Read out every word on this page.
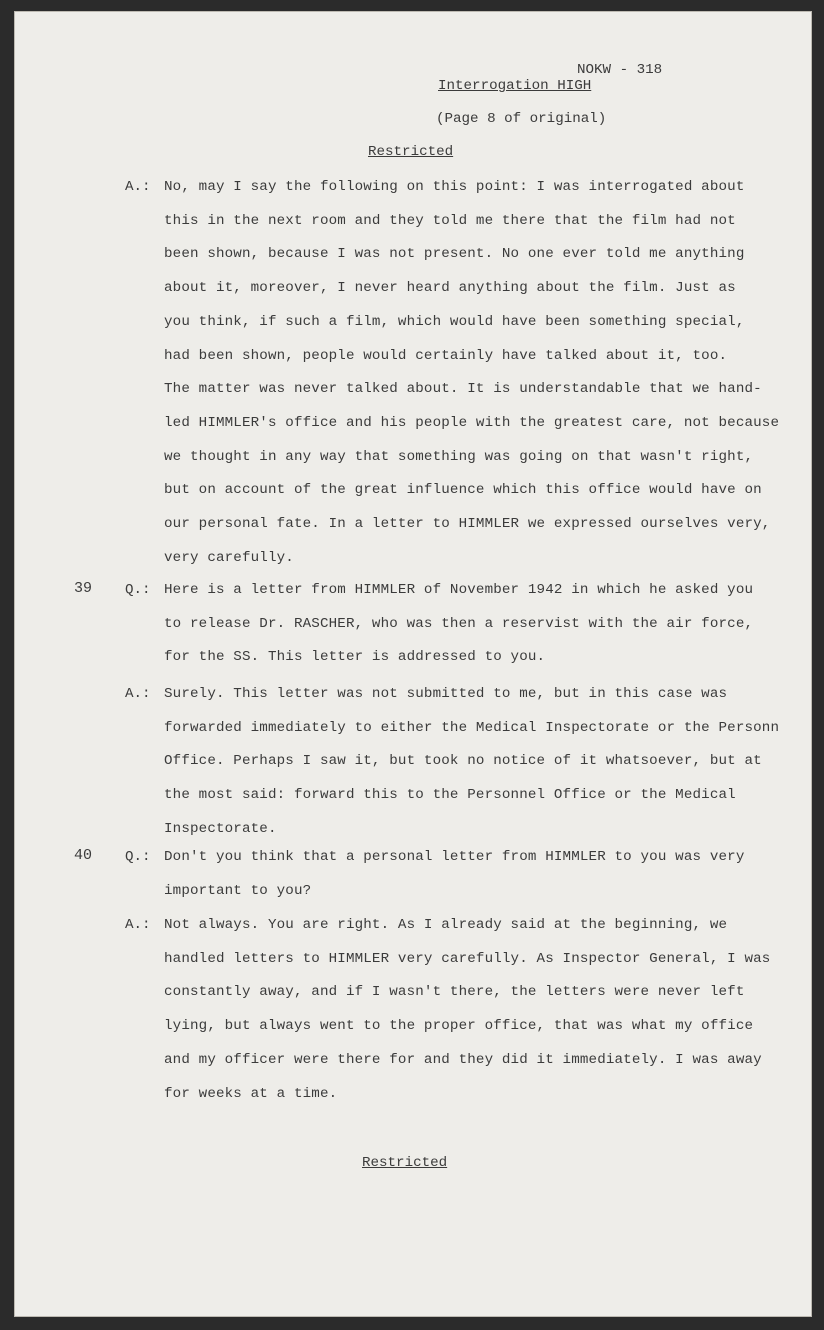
NOKW - 318
Interrogation HIGH
(Page 8 of original)
Restricted
A.: No, may I say the following on this point: I was interrogated about
this in the next room and they told me there that the film had not
been shown, because I was not present. No one ever told me anything
about it, moreover, I never heard anything about the film. Just as
you think, if such a film, which would have been something special,
had been shown, people would certainly have talked about it, too.
The matter was never talked about. It is understandable that we hand-
led HIMMLER's office and his people with the greatest care, not because
we thought in any way that something was going on that wasn't right,
but on account of the great influence which this office would have on
our personal fate. In a letter to HIMMLER we expressed ourselves very,
very carefully.
39 Q.: Here is a letter from HIMMLER of November 1942 in which he asked you
to release Dr. RASCHER, who was then a reservist with the air force,
for the SS. This letter is addressed to you.
A.: Surely. This letter was not submitted to me, but in this case was
forwarded immediately to either the Medical Inspectorate or the Personn
Office. Perhaps I saw it, but took no notice of it whatsoever, but at
the most said: forward this to the Personnel Office or the Medical
Inspectorate.
40 Q.: Don't you think that a personal letter from HIMMLER to you was very
important to you?
A.: Not always. You are right. As I already said at the beginning, we
handled letters to HIMMLER very carefully. As Inspector General, I was
constantly away, and if I wasn't there, the letters were never left
lying, but always went to the proper office, that was what my office
and my officer were there for and they did it immediately. I was away
for weeks at a time.
Restricted
